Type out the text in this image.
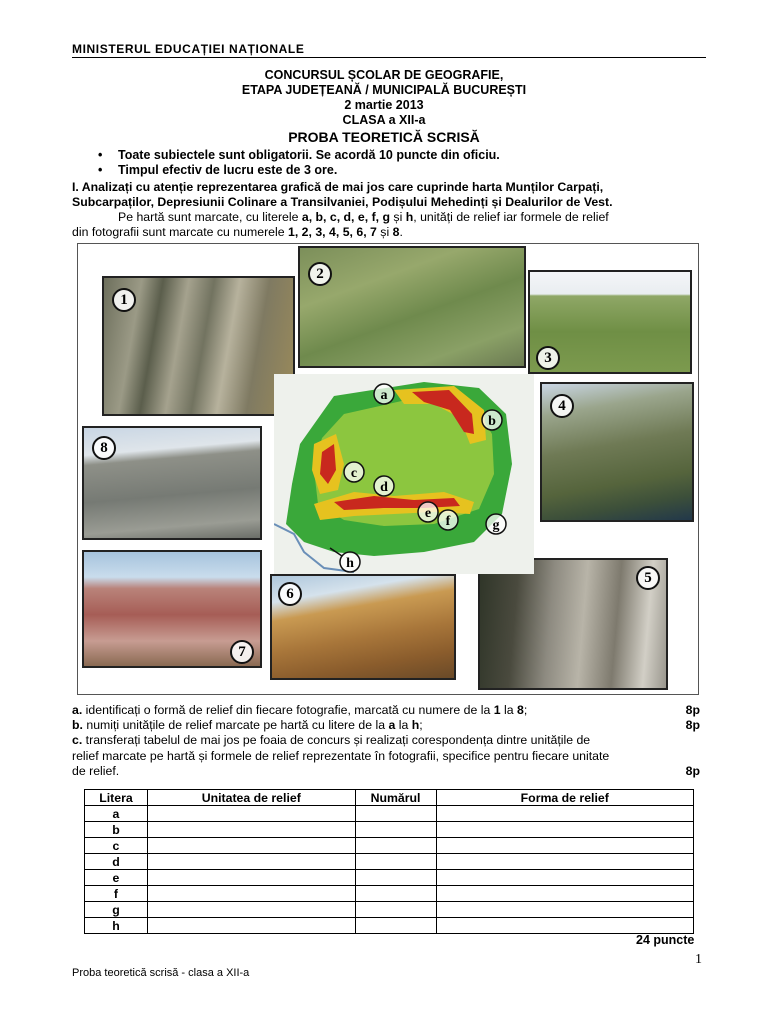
MINISTERUL EDUCAȚIEI NAȚIONALE
CONCURSUL ȘCOLAR DE GEOGRAFIE,
ETAPA JUDEȚEANĂ / MUNICIPALĂ BUCUREȘTI
2 martie 2013
CLASA a XII-a
PROBA TEORETICĂ SCRISĂ
• Toate subiectele sunt obligatorii. Se acordă 10 puncte din oficiu.
• Timpul efectiv de lucru este de 3 ore.
I. Analizați cu atenție reprezentarea grafică de mai jos care cuprinde harta Munților Carpați,
Subcarpaților, Depresiunii Colinare a Transilvaniei, Podișului Mehedinți și Dealurilor de Vest.
Pe hartă sunt marcate, cu literele a, b, c, d, e, f, g și h, unități de relief iar formele de relief
din fotografii sunt marcate cu numerele 1, 2, 3, 4, 5, 6, 7 și 8.
1
2
3
4
8
7
6
5
a
b
c
d
e
f	g
h
a. identificați o formă de relief din fiecare fotografie, marcată cu numere de la 1 la 8;	8p
b. numiți unitățile de relief marcate pe hartă cu litere de la a la h;	8p
c. transferați tabelul de mai jos pe foaia de concurs și realizați corespondența dintre unitățile de
relief marcate pe hartă și formele de relief reprezentate în fotografii, specifice pentru fiecare unitate
de relief.	8p
Litera	Unitatea de relief	Numărul	Forma de relief
a			
b			
c			
d			
e			
f			
g			
h			
24 puncte
1
Proba teoretică scrisă - clasa a XII-a
